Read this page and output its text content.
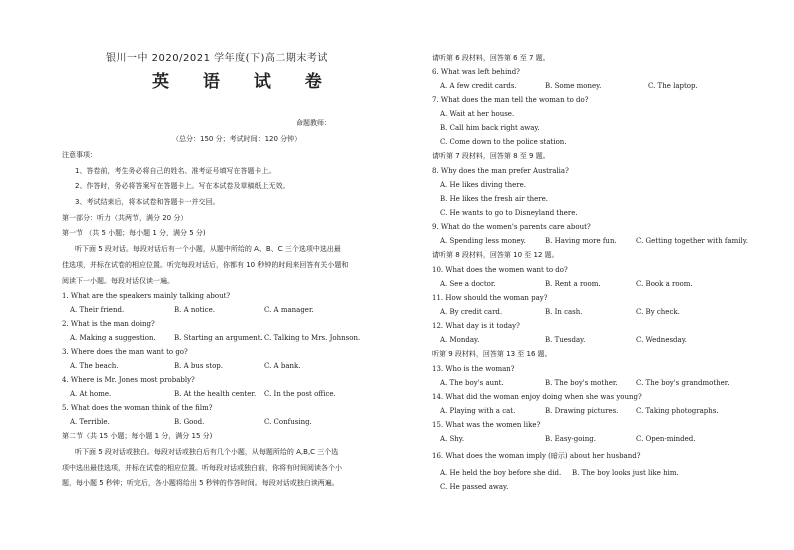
银川一中 2020/2021 学年度(下)高二期末考试
英 语 试 卷
命题教师：
（总分：150 分；考试时间：120 分钟）
注意事项：
1、答卷前，考生务必将自己的姓名、准考证号填写在答题卡上。
2、作答时，务必将答案写在答题卡上。写在本试卷及草稿纸上无效。
3、考试结束后，将本试卷和答题卡一并交回。
第一部分：听力（共两节，满分 20 分）
第一节 （共 5 小题；每小题 1 分，满分 5 分)
听下面 5 段对话。每段对话后有一个小题，从题中所给的 A、B、C 三个选项中选出最
佳选项，并标在试卷的相应位置。听完每段对话后，你都有 10 秒钟的时间来回答有关小题和
阅读下一小题。每段对话仅读一遍。
1. What are the speakers mainly talking about?
A. Their friend.	B. A notice.	C. A manager.
2. What is the man doing?
A. Making a suggestion.	B. Starting an argument. C. Talking to Mrs. Johnson.
3. Where does the man want to go?
A. The beach.	B. A bus stop.	C. A bank.
4. Where is Mr. Jones most probably?
A. At home.	B. At the health center. C. In the post office.
5. What does the woman think of the film?
A. Terrible.	B. Good.	C. Confusing.
第二节（共 15 小题；每小题 1 分，满分 15 分)
听下面 5 段对话或独白。每段对话或独白后有几个小题，从每题所给的 A,B,C 三个选
项中选出最佳选项，并标在试卷的相应位置。听每段对话或独白前，你将有时间阅读各个小
题，每小题 5 秒钟；听完后，各小题将给出 5 秒钟的作答时间。每段对话或独白读两遍。
请听第 6 段材料，回答第 6 至 7 题。
6. What was left behind?
A. A few credit cards.	B. Some money.	C. The laptop.
7. What does the man tell the woman to do?
A. Wait at her house.
B. Call him back right away.
C. Come down to the police station.
请听第 7 段材料，回答第 8 至 9 题。
8. Why does the man prefer Australia?
A. He likes diving there.
B. He likes the fresh air there.
C. He wants to go to Disneyland there.
9. What do the women's parents care about?
A. Spending less money.	B. Having more fun.	C. Getting together with family.
请听第 8 段材料，回答第 10 至 12 题。
10. What does the women want to do?
A. See a doctor.	B. Rent a room.	C. Book a room.
11. How should the woman pay?
A. By credit card.	B. In cash.	C. By check.
12. What day is it today?
A. Monday.	B. Tuesday.	C. Wednesday.
听第 9 段材料，回答第 13 至 16 题。
13. Who is the woman?
A. The boy's aunt.	B. The boy's mother.	C. The boy's grandmother.
14. What did the woman enjoy doing when she was young?
A. Playing with a cat.	B. Drawing pictures.	C. Taking photographs.
15. What was the women like?
A. Shy.	B. Easy-going.	C. Open-minded.
16. What does the woman imply (暗示) about her husband?
A. He held the boy before she did. B. The boy looks just like him.
C. He passed away.
